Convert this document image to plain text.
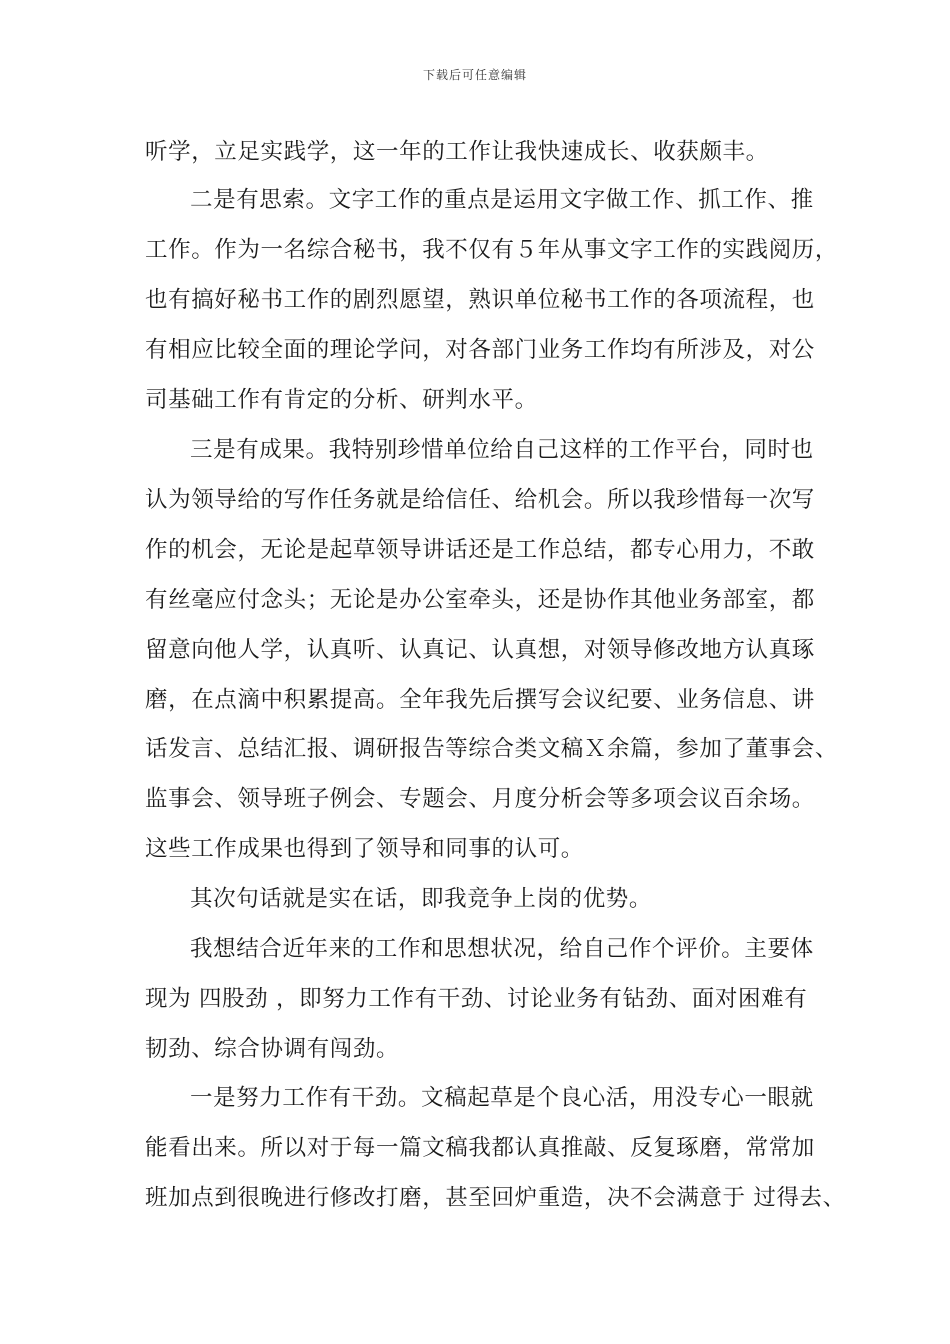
下载后可任意编辑
听学，立足实践学，这一年的工作让我快速成长、收获颇丰。
二是有思索。文字工作的重点是运用文字做工作、抓工作、推
工作。作为一名综合秘书，我不仅有５年从事文字工作的实践阅历，
也有搞好秘书工作的剧烈愿望，熟识单位秘书工作的各项流程，也
有相应比较全面的理论学问，对各部门业务工作均有所涉及，对公
司基础工作有肯定的分析、研判水平。
三是有成果。我特别珍惜单位给自己这样的工作平台，同时也
认为领导给的写作任务就是给信任、给机会。所以我珍惜每一次写
作的机会，无论是起草领导讲话还是工作总结，都专心用力，不敢
有丝毫应付念头；无论是办公室牵头，还是协作其他业务部室，都
留意向他人学，认真听、认真记、认真想，对领导修改地方认真琢
磨，在点滴中积累提高。全年我先后撰写会议纪要、业务信息、讲
话发言、总结汇报、调研报告等综合类文稿Ｘ余篇，参加了董事会、
监事会、领导班子例会、专题会、月度分析会等多项会议百余场。
这些工作成果也得到了领导和同事的认可。
其次句话就是实在话，即我竞争上岗的优势。
我想结合近年来的工作和思想状况，给自己作个评价。主要体
现为 四股劲 ，即努力工作有干劲、讨论业务有钻劲、面对困难有
韧劲、综合协调有闯劲。
一是努力工作有干劲。文稿起草是个良心活，用没专心一眼就
能看出来。所以对于每一篇文稿我都认真推敲、反复琢磨，常常加
班加点到很晚进行修改打磨，甚至回炉重造，决不会满意于 过得去、
